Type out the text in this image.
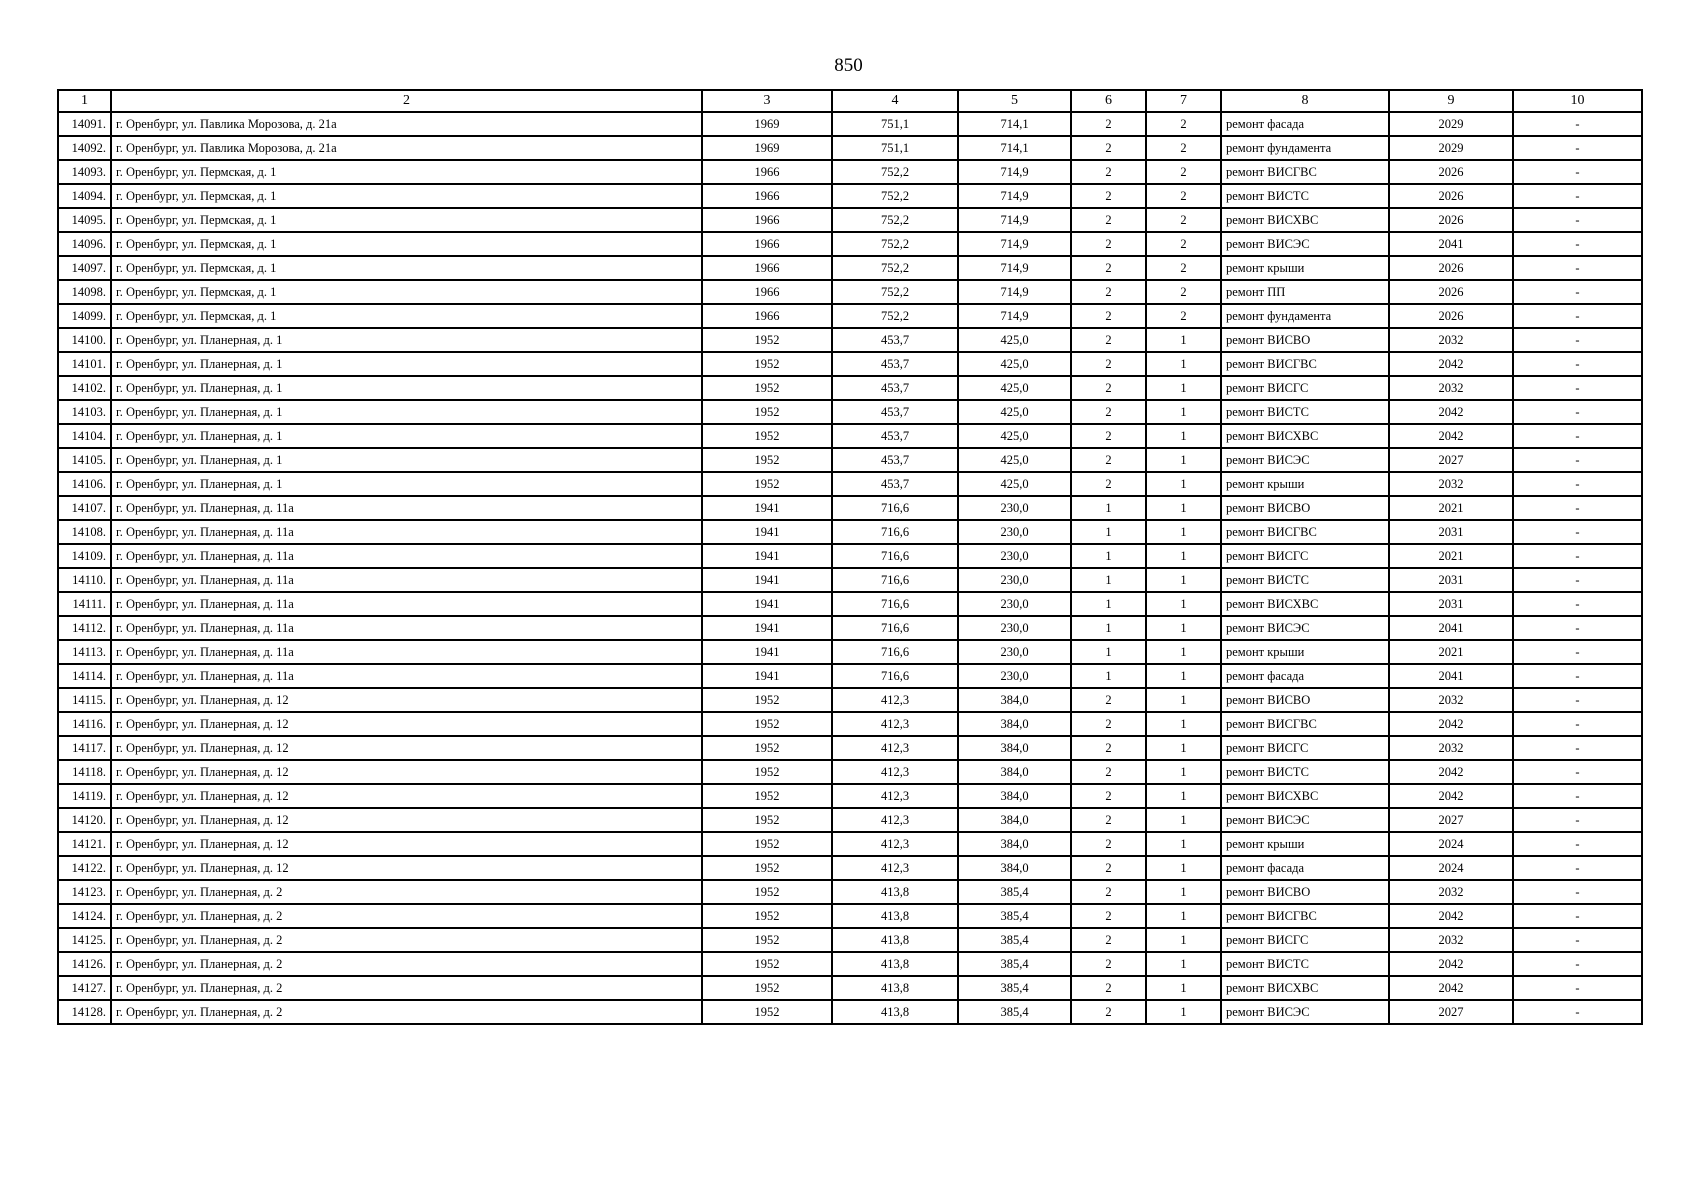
850
1	2	3	4	5	6	7	8	9	10
14091.	г. Оренбург, ул. Павлика Морозова, д. 21а	1969	751,1	714,1	2	2	ремонт фасада	2029	-
14092.	г. Оренбург, ул. Павлика Морозова, д. 21а	1969	751,1	714,1	2	2	ремонт фундамента	2029	-
14093.	г. Оренбург, ул. Пермская, д. 1	1966	752,2	714,9	2	2	ремонт ВИСГВС	2026	-
14094.	г. Оренбург, ул. Пермская, д. 1	1966	752,2	714,9	2	2	ремонт ВИСТС	2026	-
14095.	г. Оренбург, ул. Пермская, д. 1	1966	752,2	714,9	2	2	ремонт ВИСХВС	2026	-
14096.	г. Оренбург, ул. Пермская, д. 1	1966	752,2	714,9	2	2	ремонт ВИСЭС	2041	-
14097.	г. Оренбург, ул. Пермская, д. 1	1966	752,2	714,9	2	2	ремонт крыши	2026	-
14098.	г. Оренбург, ул. Пермская, д. 1	1966	752,2	714,9	2	2	ремонт ПП	2026	-
14099.	г. Оренбург, ул. Пермская, д. 1	1966	752,2	714,9	2	2	ремонт фундамента	2026	-
14100.	г. Оренбург, ул. Планерная, д. 1	1952	453,7	425,0	2	1	ремонт ВИСВО	2032	-
14101.	г. Оренбург, ул. Планерная, д. 1	1952	453,7	425,0	2	1	ремонт ВИСГВС	2042	-
14102.	г. Оренбург, ул. Планерная, д. 1	1952	453,7	425,0	2	1	ремонт ВИСГС	2032	-
14103.	г. Оренбург, ул. Планерная, д. 1	1952	453,7	425,0	2	1	ремонт ВИСТС	2042	-
14104.	г. Оренбург, ул. Планерная, д. 1	1952	453,7	425,0	2	1	ремонт ВИСХВС	2042	-
14105.	г. Оренбург, ул. Планерная, д. 1	1952	453,7	425,0	2	1	ремонт ВИСЭС	2027	-
14106.	г. Оренбург, ул. Планерная, д. 1	1952	453,7	425,0	2	1	ремонт крыши	2032	-
14107.	г. Оренбург, ул. Планерная, д. 11а	1941	716,6	230,0	1	1	ремонт ВИСВО	2021	-
14108.	г. Оренбург, ул. Планерная, д. 11а	1941	716,6	230,0	1	1	ремонт ВИСГВС	2031	-
14109.	г. Оренбург, ул. Планерная, д. 11а	1941	716,6	230,0	1	1	ремонт ВИСГС	2021	-
14110.	г. Оренбург, ул. Планерная, д. 11а	1941	716,6	230,0	1	1	ремонт ВИСТС	2031	-
14111.	г. Оренбург, ул. Планерная, д. 11а	1941	716,6	230,0	1	1	ремонт ВИСХВС	2031	-
14112.	г. Оренбург, ул. Планерная, д. 11а	1941	716,6	230,0	1	1	ремонт ВИСЭС	2041	-
14113.	г. Оренбург, ул. Планерная, д. 11а	1941	716,6	230,0	1	1	ремонт крыши	2021	-
14114.	г. Оренбург, ул. Планерная, д. 11а	1941	716,6	230,0	1	1	ремонт фасада	2041	-
14115.	г. Оренбург, ул. Планерная, д. 12	1952	412,3	384,0	2	1	ремонт ВИСВО	2032	-
14116.	г. Оренбург, ул. Планерная, д. 12	1952	412,3	384,0	2	1	ремонт ВИСГВС	2042	-
14117.	г. Оренбург, ул. Планерная, д. 12	1952	412,3	384,0	2	1	ремонт ВИСГС	2032	-
14118.	г. Оренбург, ул. Планерная, д. 12	1952	412,3	384,0	2	1	ремонт ВИСТС	2042	-
14119.	г. Оренбург, ул. Планерная, д. 12	1952	412,3	384,0	2	1	ремонт ВИСХВС	2042	-
14120.	г. Оренбург, ул. Планерная, д. 12	1952	412,3	384,0	2	1	ремонт ВИСЭС	2027	-
14121.	г. Оренбург, ул. Планерная, д. 12	1952	412,3	384,0	2	1	ремонт крыши	2024	-
14122.	г. Оренбург, ул. Планерная, д. 12	1952	412,3	384,0	2	1	ремонт фасада	2024	-
14123.	г. Оренбург, ул. Планерная, д. 2	1952	413,8	385,4	2	1	ремонт ВИСВО	2032	-
14124.	г. Оренбург, ул. Планерная, д. 2	1952	413,8	385,4	2	1	ремонт ВИСГВС	2042	-
14125.	г. Оренбург, ул. Планерная, д. 2	1952	413,8	385,4	2	1	ремонт ВИСГС	2032	-
14126.	г. Оренбург, ул. Планерная, д. 2	1952	413,8	385,4	2	1	ремонт ВИСТС	2042	-
14127.	г. Оренбург, ул. Планерная, д. 2	1952	413,8	385,4	2	1	ремонт ВИСХВС	2042	-
14128.	г. Оренбург, ул. Планерная, д. 2	1952	413,8	385,4	2	1	ремонт ВИСЭС	2027	-
